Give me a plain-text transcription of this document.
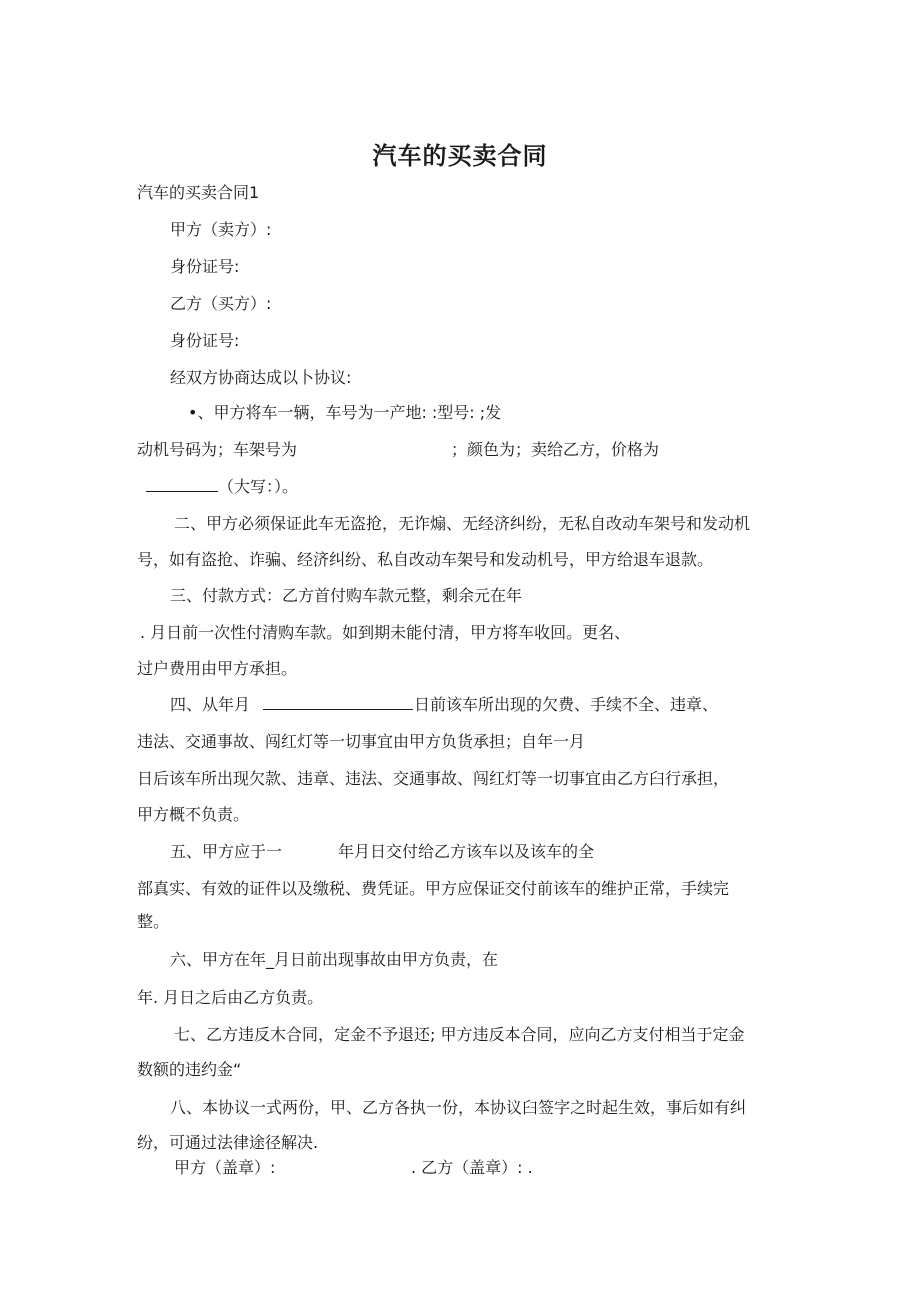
汽车的买卖合同
汽车的买卖合同1
甲方（卖方）:
身份证号:
乙方（买方）:
身份证号:
经双方协商达成以卜协议:
•、甲方将车一辆，车号为一产地: :型号: ;发
动机号码为；车架号为	；颜色为；卖给乙方，价格为
（大写：）。
二、甲方必须保证此车无盗抢，无诈煽、无经济纠纷，无私自改动车架号和发动机
号，如有盗抢、诈骗、经济纠纷、私自改动车架号和发动机号，甲方给退车退款。
三、付款方式：乙方首付购车款元整，剩余元在年
. 月日前一次性付清购车款。如到期未能付清，甲方将车收回。更名、
过户费用由甲方承担。
四、从年月	日前该车所出现的欠费、手续不全、违章、
违法、交通事故、闯红灯等一切事宜由甲方负货承担；自年一月
日后该车所出现欠款、违章、违法、交通事故、闯红灯等一切事宜由乙方臼行承担，
甲方概不负责。
五、甲方应于一	年月日交付给乙方该车以及该车的全
部真实、有效的证件以及缴税、费凭证。甲方应保证交付前该车的维护正常，手续完
整。
六、甲方在年_月日前出现事故由甲方负责，在
年. 月日之后由乙方负责。
七、乙方违反木合同，定金不予退还; 甲方违反本合同，应向乙方支付相当于定金
数额的违约金“
八、本协议一式两份，甲、乙方各执一份，本协议臼签字之时起生效，事后如有纠
纷，可通过法律途径解决.
甲方（盖章）:	. 乙方（盖章）: .
